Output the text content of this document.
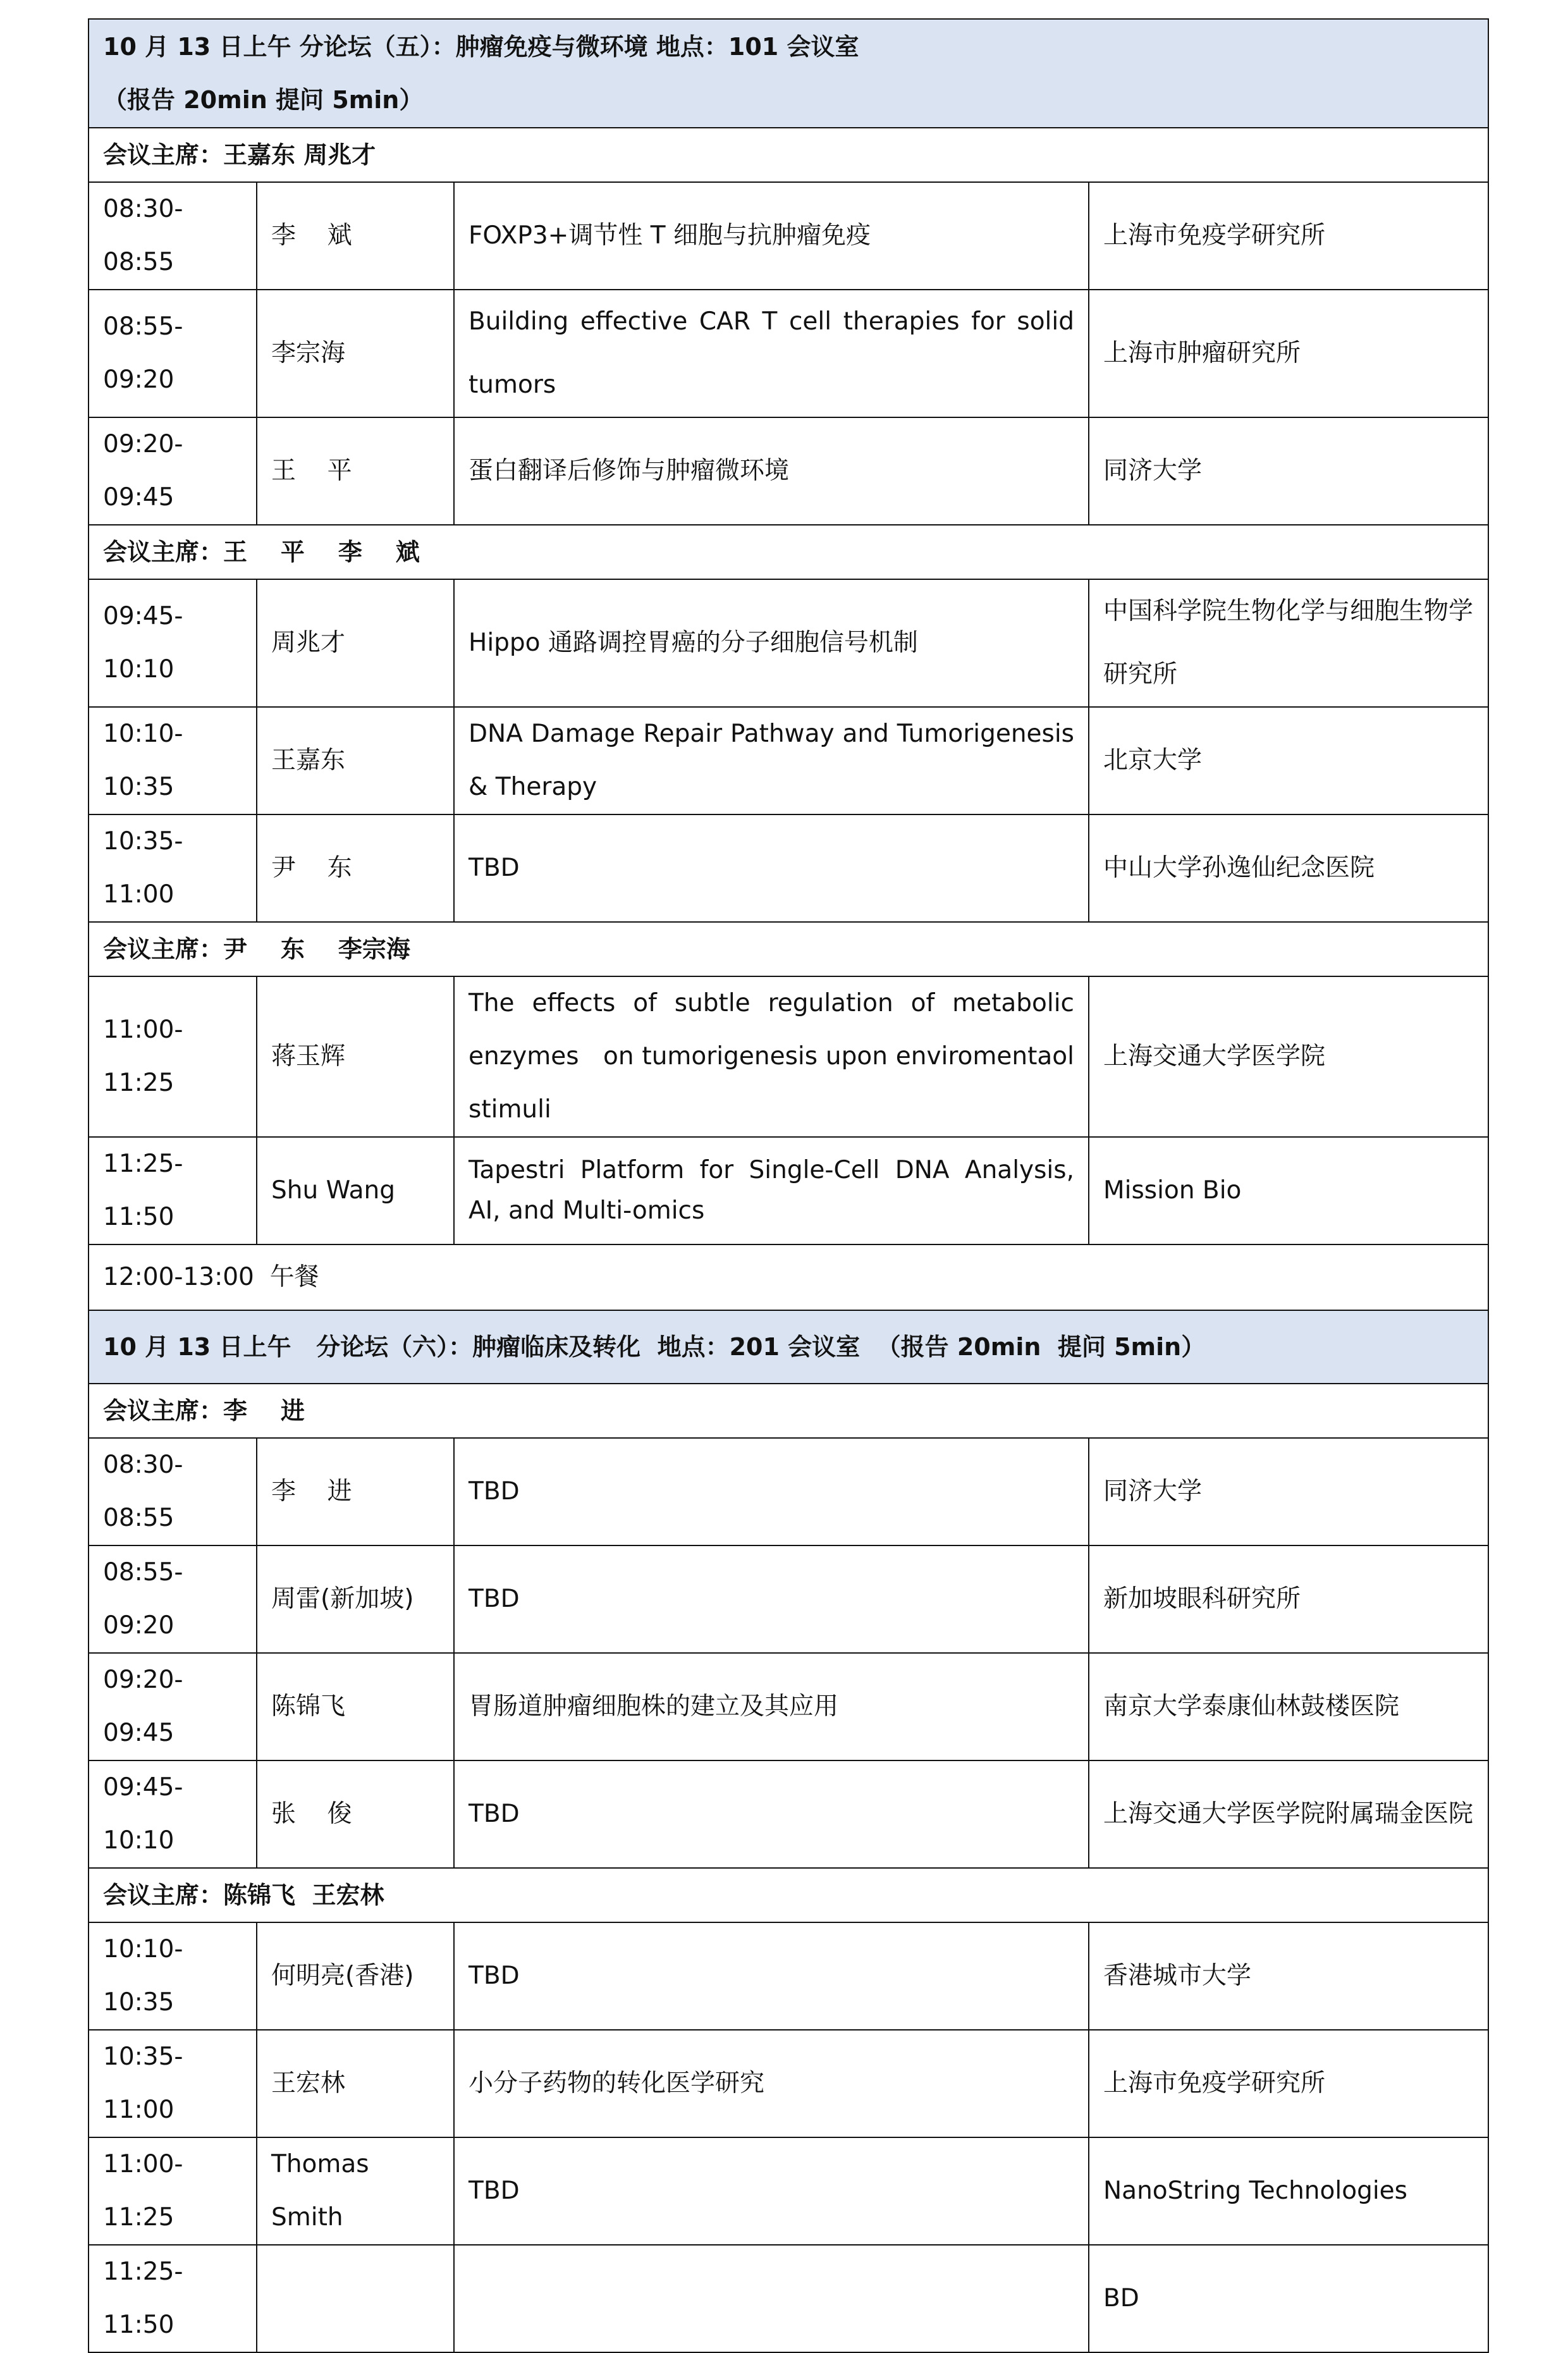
10 月 13 日上午 分论坛（五）：肿瘤免疫与微环境 地点：101 会议室
（报告 20min 提问 5min）			

会议主席：王嘉东 周兆才			
08:30-08:55	李    斌	FOXP3+调节性 T 细胞与抗肿瘤免疫	上海市免疫学研究所
08:55-09:20	李宗海	Building effective CAR T cell therapies for solid tumors	上海市肿瘤研究所
09:20-09:45	王    平	蛋白翻译后修饰与肿瘤微环境	同济大学
会议主席：王    平    李    斌			
09:45-10:10	周兆才	Hippo 通路调控胃癌的分子细胞信号机制	中国科学院生物化学与细胞生物学研究所
10:10-10:35	王嘉东	DNA Damage Repair Pathway and Tumorigenesis & Therapy	北京大学
10:35-11:00	尹    东	TBD	中山大学孙逸仙纪念医院
会议主席：尹    东    李宗海			
11:00-11:25	蒋玉辉	The effects of subtle regulation of metabolic enzymes   on tumorigenesis upon enviromentaol stimuli	上海交通大学医学院
11:25-11:50	Shu Wang	Tapestri Platform for Single-Cell DNA Analysis, AI, and Multi-omics	Mission Bio
12:00-13:00  午餐			
10 月 13 日上午   分论坛（六）：肿瘤临床及转化  地点：201 会议室  （报告 20min  提问 5min）			
会议主席：李    进			
08:30-08:55	李    进	TBD	同济大学
08:55-09:20	周雷(新加坡)	TBD	新加坡眼科研究所
09:20-09:45	陈锦飞	胃肠道肿瘤细胞株的建立及其应用	南京大学泰康仙林鼓楼医院
09:45-10:10	张    俊	TBD	上海交通大学医学院附属瑞金医院
会议主席：陈锦飞  王宏林			
10:10-10:35	何明亮(香港)	TBD	香港城市大学
10:35-11:00	王宏林	小分子药物的转化医学研究	上海市免疫学研究所
11:00-11:25	Thomas Smith	TBD	NanoString Technologies
11:25-11:50			BD
